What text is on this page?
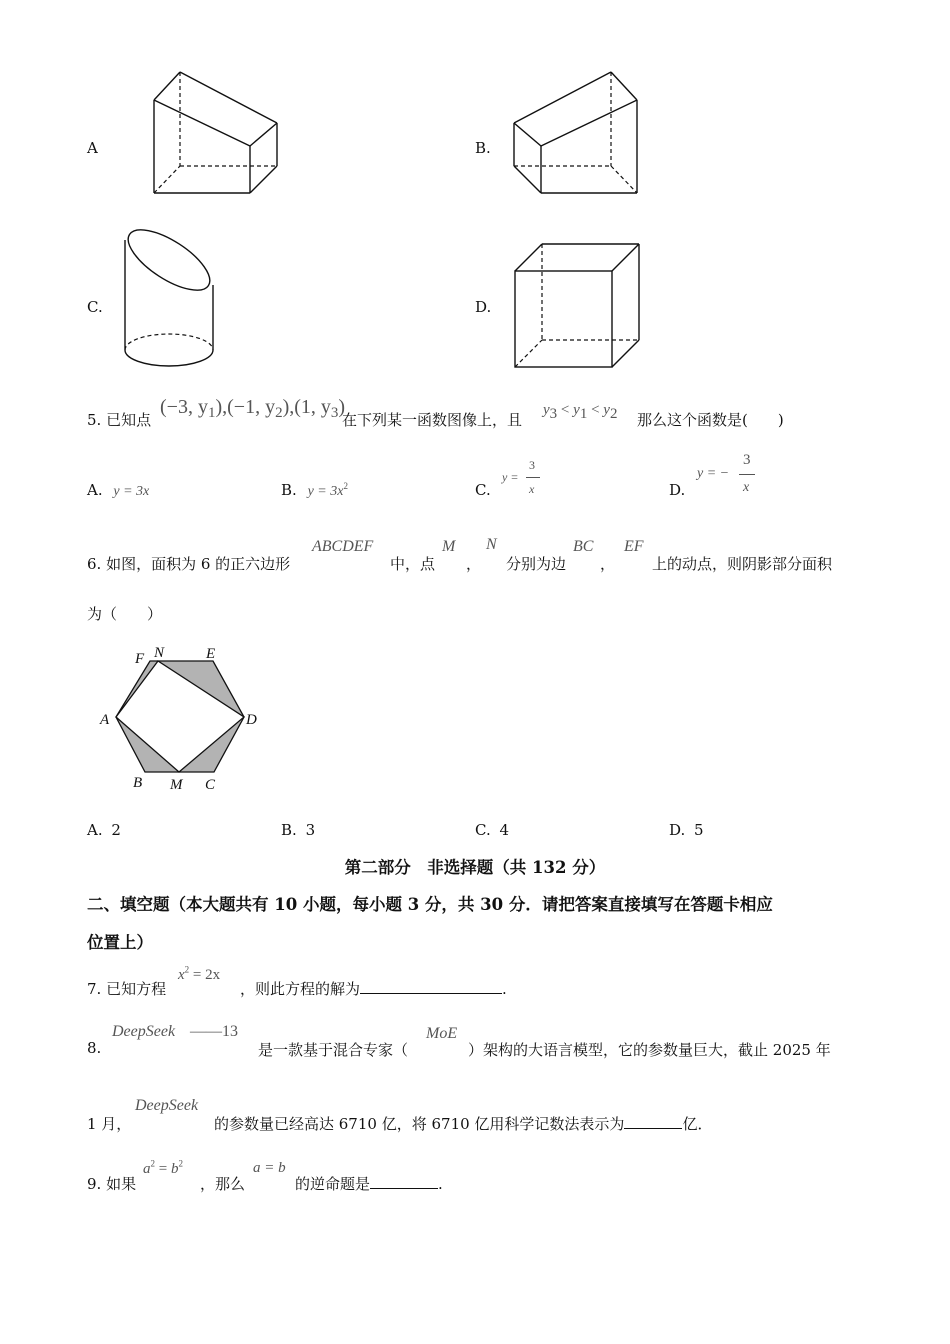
A	B.
C.	D.
5. 已知点
(−3, $y_1),(-1$, $y_2),(1$, $y_3$)
在下列某一函数图像上，且
$y_3 < y_1 < y_2$ 那么这个函数是(　　)
A. y = 3x	B. $y = 3x^2$	C.
y =
3
x	D.
y = −
3
x
6. 如图，面积为 6 的正六边形
ABCDEF
中，点
M
，
N
分别为边
BC
，
EF
上的动点，则阴影部分面积
为（　　）
F N	E
A	D
B M C
A. 2	B. 3	C. 4	D. 5
第二部分　非选择题（共 132 分）
二、填空题（本大题共有 10 小题，每小题 3 分，共 30 分．请把答案直接填写在答题卡相应
位置上）
7. 已知方程
$x^2 = 2x$
，则此方程的解为	.
8.
DeepSeek ——13
是一款基于混合专家（
MoE
）架构的大语言模型，它的参数量巨大，截止 2025 年
1 月，
DeepSeek
的参数量已经高达 6710 亿，将 6710 亿用科学记数法表示为	亿．
9. 如果
$a^2 = b^2$
，那么
a = b
的逆命题是	.
